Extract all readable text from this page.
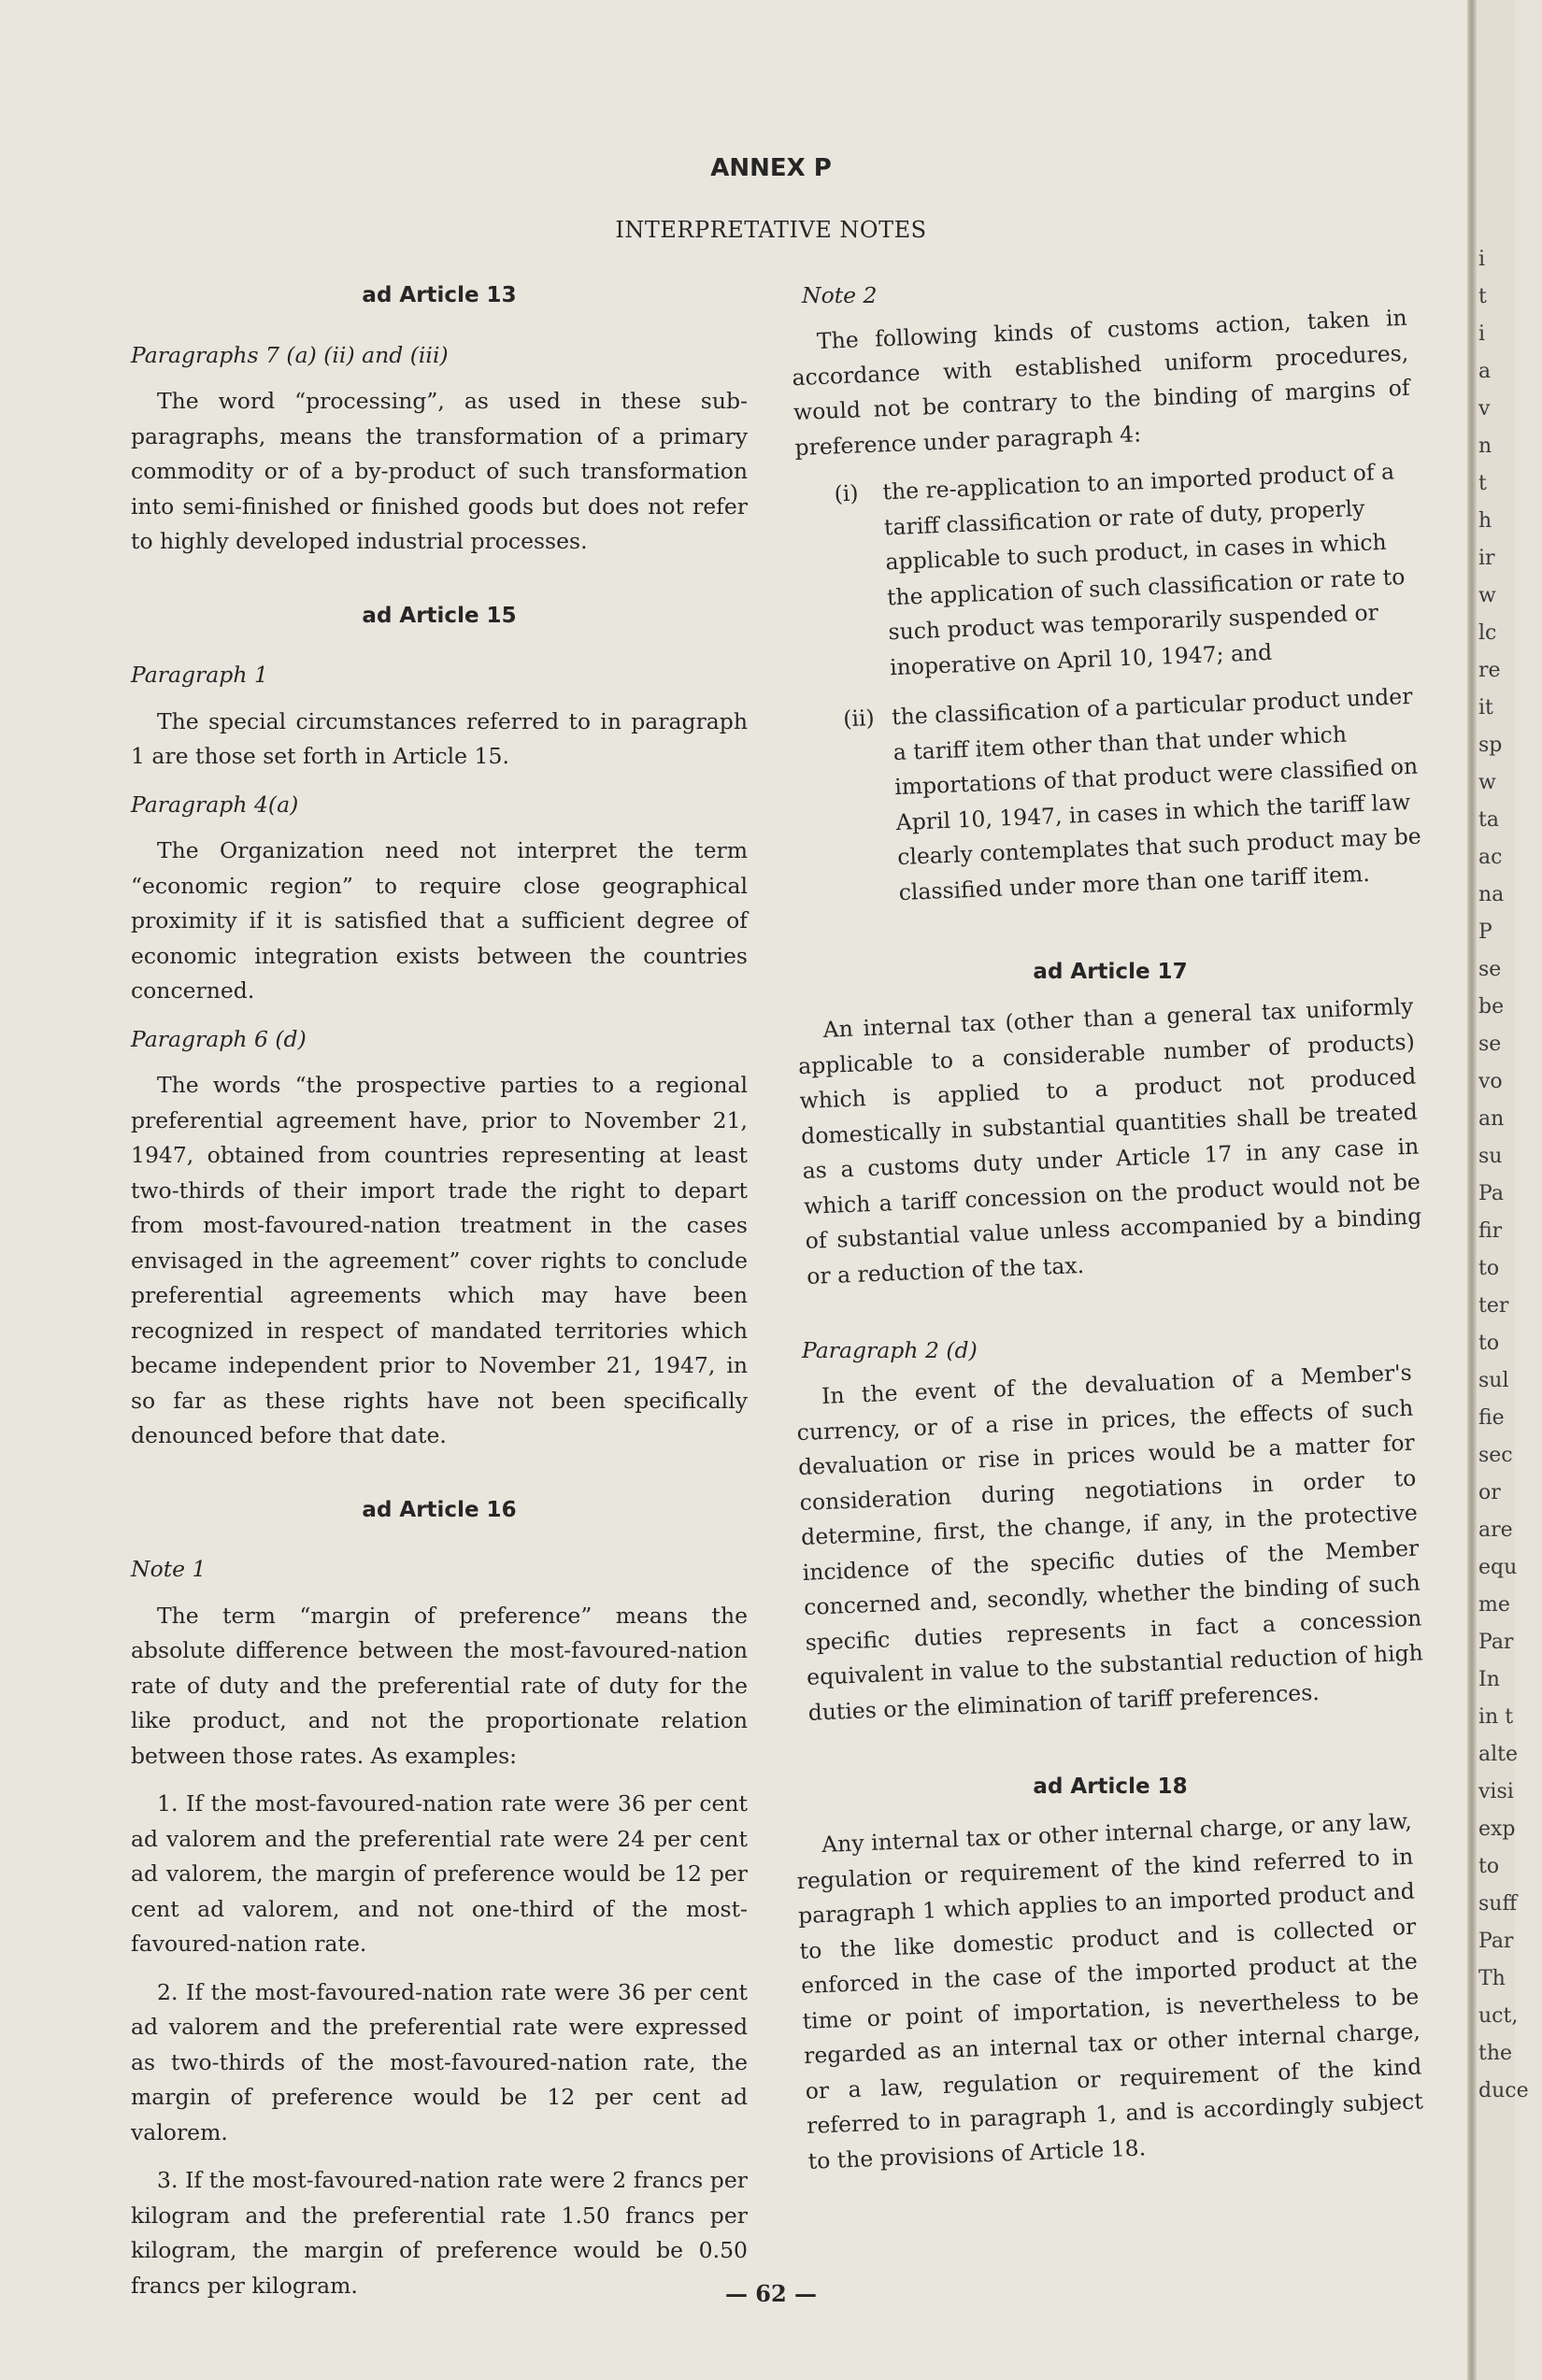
ANNEX P
INTERPRETATIVE NOTES
ad Article 13
Paragraphs 7 (a) (ii) and (iii)

The word “processing”, as used in these sub-paragraphs, means the transformation of a primary commodity or of a by-product of such transformation into semi-finished or finished goods but does not refer to highly developed industrial processes.

ad Article 15
Paragraph 1

The special circumstances referred to in paragraph 1 are those set forth in Article 15.

Paragraph 4(a)

The Organization need not interpret the term “economic region” to require close geographical proximity if it is satisfied that a sufficient degree of economic integration exists between the countries concerned.

Paragraph 6 (d)

The words “the prospective parties to a regional preferential agreement have, prior to November 21, 1947, obtained from countries representing at least two-thirds of their import trade the right to depart from most-favoured-nation treatment in the cases envisaged in the agreement” cover rights to conclude preferential agreements which may have been recognized in respect of mandated territories which became independent prior to November 21, 1947, in so far as these rights have not been specifically denounced before that date.

ad Article 16
Note 1

The term “margin of preference” means the absolute difference between the most-favoured-nation rate of duty and the preferential rate of duty for the like product, and not the proportionate relation between those rates. As examples:

1. If the most-favoured-nation rate were 36 per cent ad valorem and the preferential rate were 24 per cent ad valorem, the margin of preference would be 12 per cent ad valorem, and not one-third of the most-favoured-nation rate.

2. If the most-favoured-nation rate were 36 per cent ad valorem and the preferential rate were expressed as two-thirds of the most-favoured-nation rate, the margin of preference would be 12 per cent ad valorem.

3. If the most-favoured-nation rate were 2 francs per kilogram and the preferential rate 1.50 francs per kilogram, the margin of preference would be 0.50 francs per kilogram.

Note 2

The following kinds of customs action, taken in accordance with established uniform procedures, would not be contrary to the binding of margins of preference under paragraph 4:

(i)	the re-application to an imported product of a tariff classification or rate of duty, properly applicable to such product, in cases in which the application of such classification or rate to such product was temporarily suspended or inoperative on April 10, 1947; and
(ii) the classification of a particular product under a tariff item other than that under which importations of that product were classified on April 10, 1947, in cases in which the tariff law clearly contemplates that such product may be classified under more than one tariff item.
ad Article 17

An internal tax (other than a general tax uniformly applicable to a considerable number of products) which is applied to a product not produced domestically in substantial quantities shall be treated as a customs duty under Article 17 in any case in which a tariff concession on the product would not be of substantial value unless accompanied by a binding or a reduction of the tax.

Paragraph 2 (d)

In the event of the devaluation of a Member's currency, or of a rise in prices, the effects of such devaluation or rise in prices would be a matter for consideration during negotiations in order to determine, first, the change, if any, in the protective incidence of the specific duties of the Member concerned and, secondly, whether the binding of such specific duties represents in fact a concession equivalent in value to the substantial reduction of high duties or the elimination of tariff preferences.

ad Article 18

Any internal tax or other internal charge, or any law, regulation or requirement of the kind referred to in paragraph 1 which applies to an imported product and to the like domestic product and is collected or enforced in the case of the imported product at the time or point of importation, is nevertheless to be regarded as an internal tax or other internal charge, or a law, regulation or requirement of the kind referred to in paragraph 1, and is accordingly subject to the provisions of Article 18.

— 62 —
i
t
i
a
v
n
t
h
ir
w
lc
re
it
sp
w
ta
ac
na
P
se
be
se
vo
an
su
Pa
fir
to
ter
to
sul
fie
sec
or
are
equ
me
Par
In
in t
alte
visi
exp
to
suff
Par
Th
uct,
the
duce
